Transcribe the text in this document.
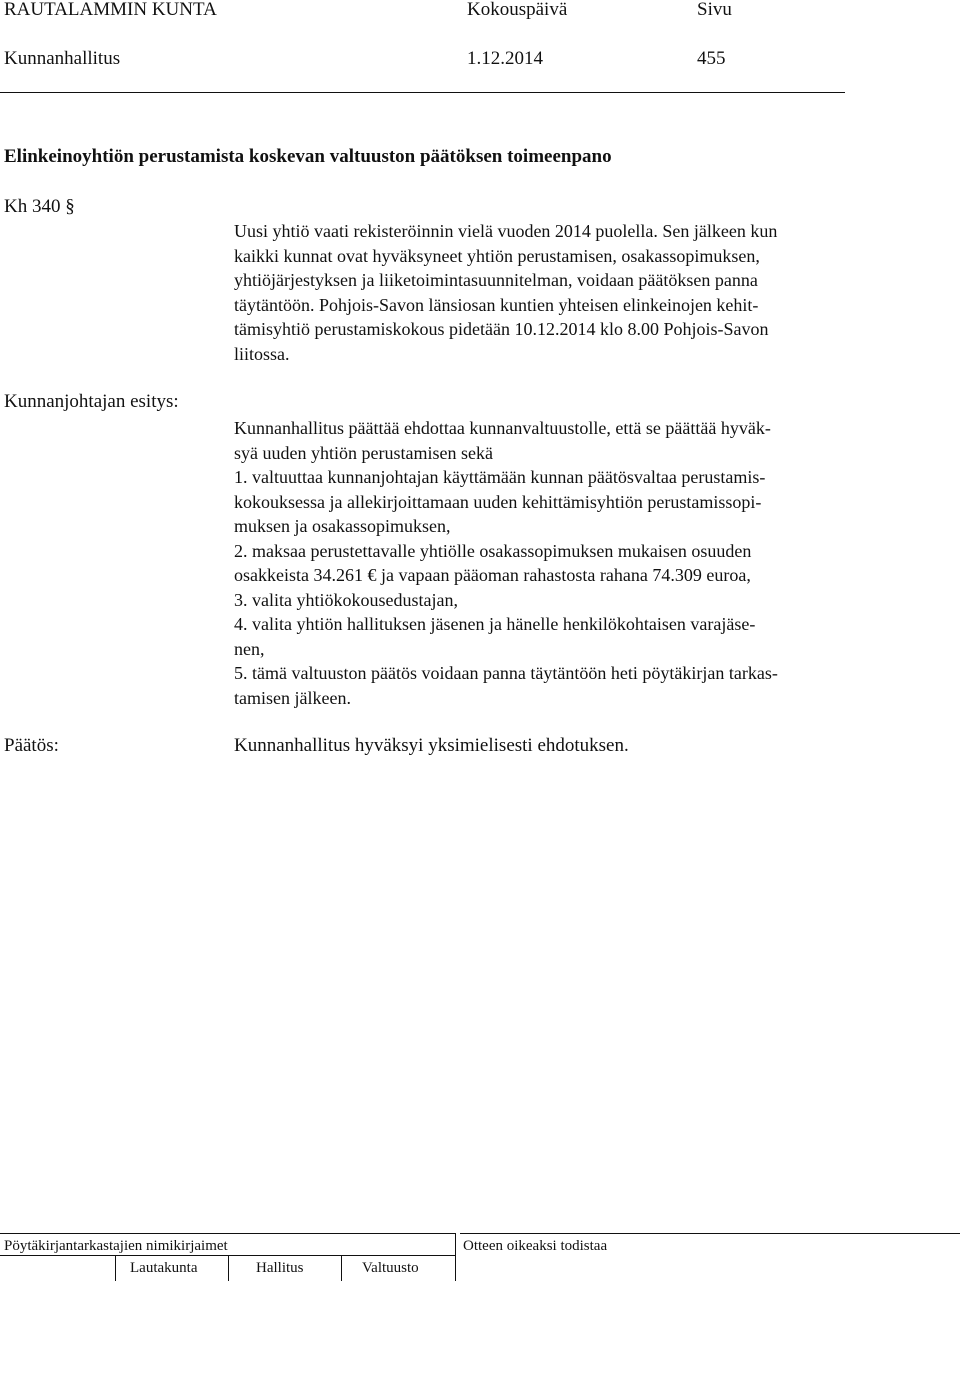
RAUTALAMMIN KUNTA	Kokouspäivä	Sivu
Kunnanhallitus	1.12.2014	455
Elinkeinoyhtiön perustamista koskevan valtuuston päätöksen toimeenpano
Kh 340 §

Uusi yhtiö vaati rekisteröinnin vielä vuoden 2014 puolella. Sen jälkeen kun

kaikki kunnat ovat hyväksyneet yhtiön perustamisen, osakassopimuksen,

yhtiöjärjestyksen ja liiketoimintasuunnitelman, voidaan päätöksen panna

täytäntöön. Pohjois-Savon länsiosan kuntien yhteisen elinkeinojen kehit-

tämisyhtiö perustamiskokous pidetään 10.12.2014 klo 8.00 Pohjois-Savon

liitossa.

Kunnanjohtajan esitys:

Kunnanhallitus päättää ehdottaa kunnanvaltuustolle, että se päättää hyväk-

syä uuden yhtiön perustamisen sekä

1. valtuuttaa kunnanjohtajan käyttämään kunnan päätösvaltaa perustamis-

kokouksessa ja allekirjoittamaan uuden kehittämisyhtiön perustamissopi-

muksen ja osakassopimuksen,

2. maksaa perustettavalle yhtiölle osakassopimuksen mukaisen osuuden

osakkeista 34.261 € ja vapaan pääoman rahastosta rahana 74.309 euroa,

3. valita yhtiökokousedustajan,

4. valita yhtiön hallituksen jäsenen ja hänelle henkilökohtaisen varajäse-

nen,

5. tämä valtuuston päätös voidaan panna täytäntöön heti pöytäkirjan tarkas-

tamisen jälkeen.

Päätös:	Kunnanhallitus hyväksyi yksimielisesti ehdotuksen.
Pöytäkirjantarkastajien nimikirjaimet	Otteen oikeaksi todistaa
Lautakunta	Hallitus	Valtuusto
